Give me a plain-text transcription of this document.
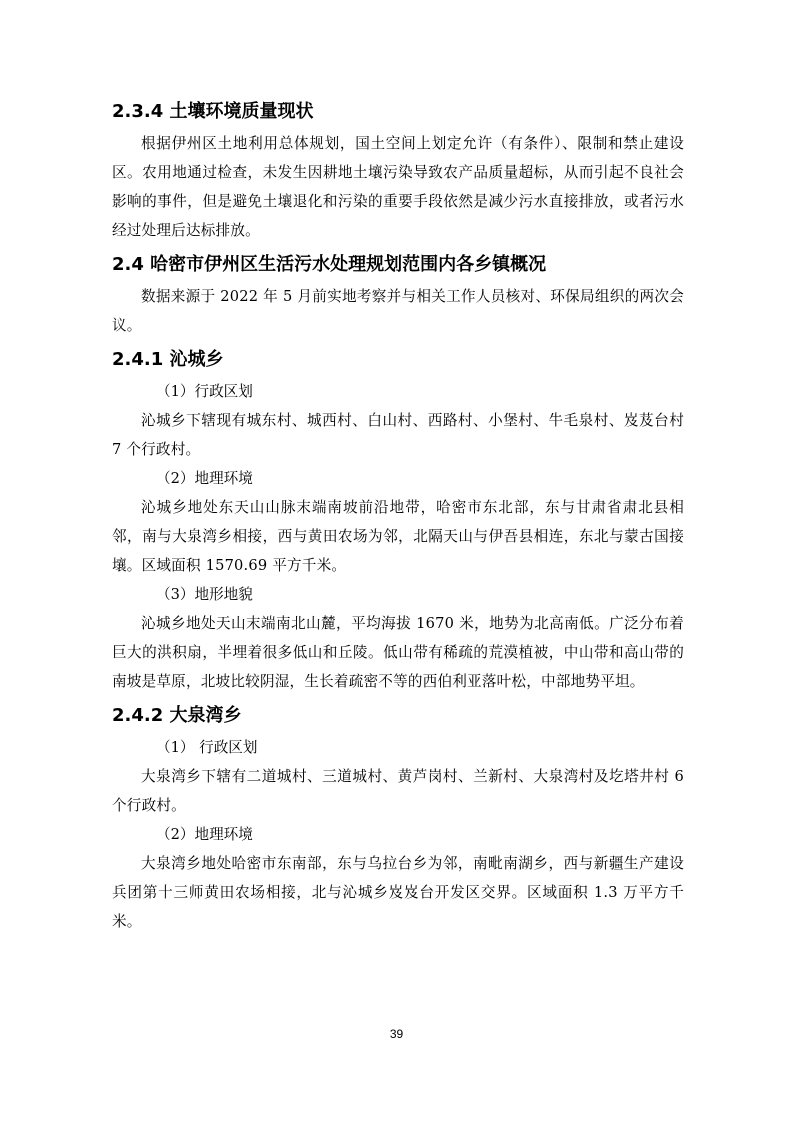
2.3.4 土壤环境质量现状

根据伊州区土地利用总体规划，国土空间上划定允许（有条件）、限制和禁止建设区。农用地通过检查，未发生因耕地土壤污染导致农产品质量超标，从而引起不良社会影响的事件，但是避免土壤退化和污染的重要手段依然是减少污水直接排放，或者污水经过处理后达标排放。

2.4 哈密市伊州区生活污水处理规划范围内各乡镇概况

数据来源于 2022 年 5 月前实地考察并与相关工作人员核对、环保局组织的两次会议。

2.4.1 沁城乡

（1）行政区划

沁城乡下辖现有城东村、城西村、白山村、西路村、小堡村、牛毛泉村、岌芨台村 7 个行政村。

（2）地理环境

沁城乡地处东天山山脉末端南坡前沿地带，哈密市东北部，东与甘肃省肃北县相邻，南与大泉湾乡相接，西与黄田农场为邻，北隔天山与伊吾县相连，东北与蒙古国接壤。区域面积 1570.69 平方千米。

（3）地形地貌

沁城乡地处天山末端南北山麓，平均海拔 1670 米，地势为北高南低。广泛分布着巨大的洪积扇，半埋着很多低山和丘陵。低山带有稀疏的荒漠植被，中山带和高山带的南坡是草原，北坡比较阴湿，生长着疏密不等的西伯利亚落叶松，中部地势平坦。

2.4.2 大泉湾乡

（1） 行政区划

大泉湾乡下辖有二道城村、三道城村、黄芦岗村、兰新村、大泉湾村及圪塔井村 6 个行政村。

（2）地理环境

大泉湾乡地处哈密市东南部，东与乌拉台乡为邻，南毗南湖乡，西与新疆生产建设兵团第十三师黄田农场相接，北与沁城乡岌岌台开发区交界。区域面积 1.3 万平方千米。

39
